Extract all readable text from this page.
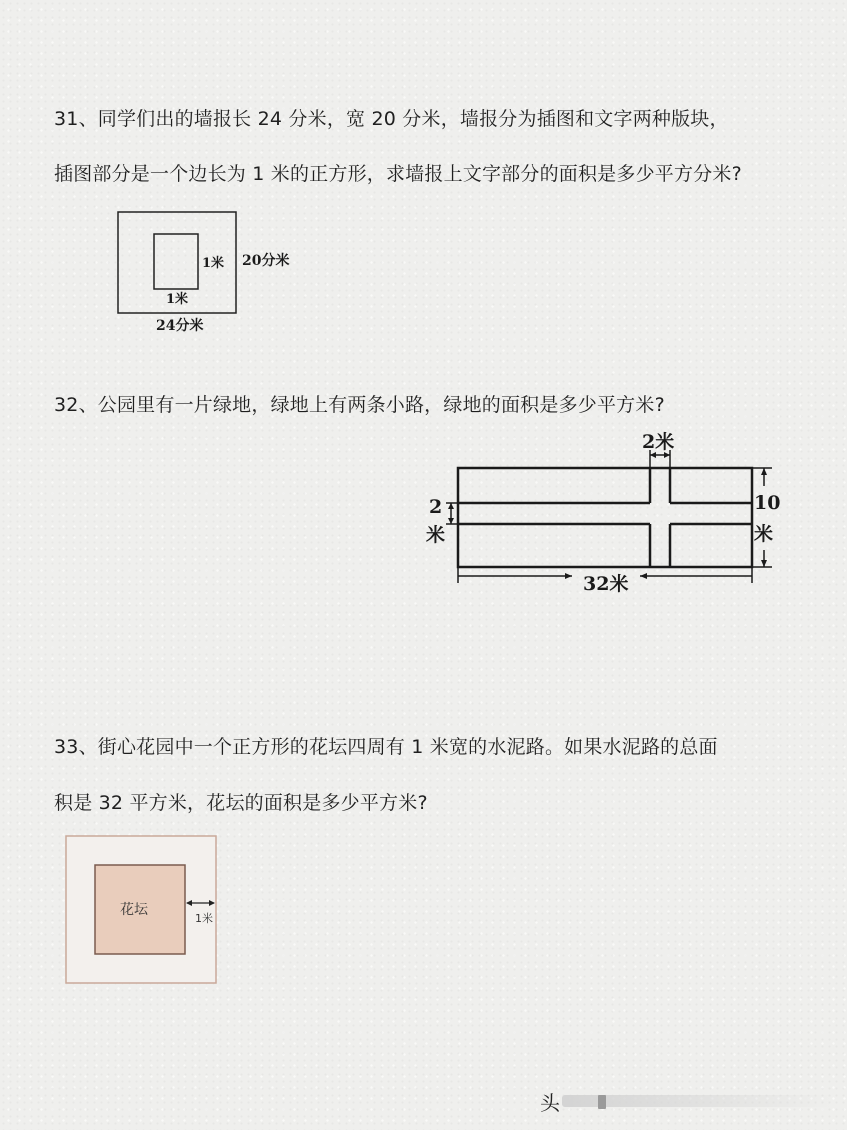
31、同学们出的墙报长 24 分米，宽 20 分米，墙报分为插图和文字两种版块，
插图部分是一个边长为 1 米的正方形，求墙报上文字部分的面积是多少平方分米?
1米
1米
20分米
24分米
32、公园里有一片绿地，绿地上有两条小路，绿地的面积是多少平方米?
2米
2
米
10
米
32米
33、街心花园中一个正方形的花坛四周有 1 米宽的水泥路。如果水泥路的总面
积是 32 平方米，花坛的面积是多少平方米?
花坛
1米
头
